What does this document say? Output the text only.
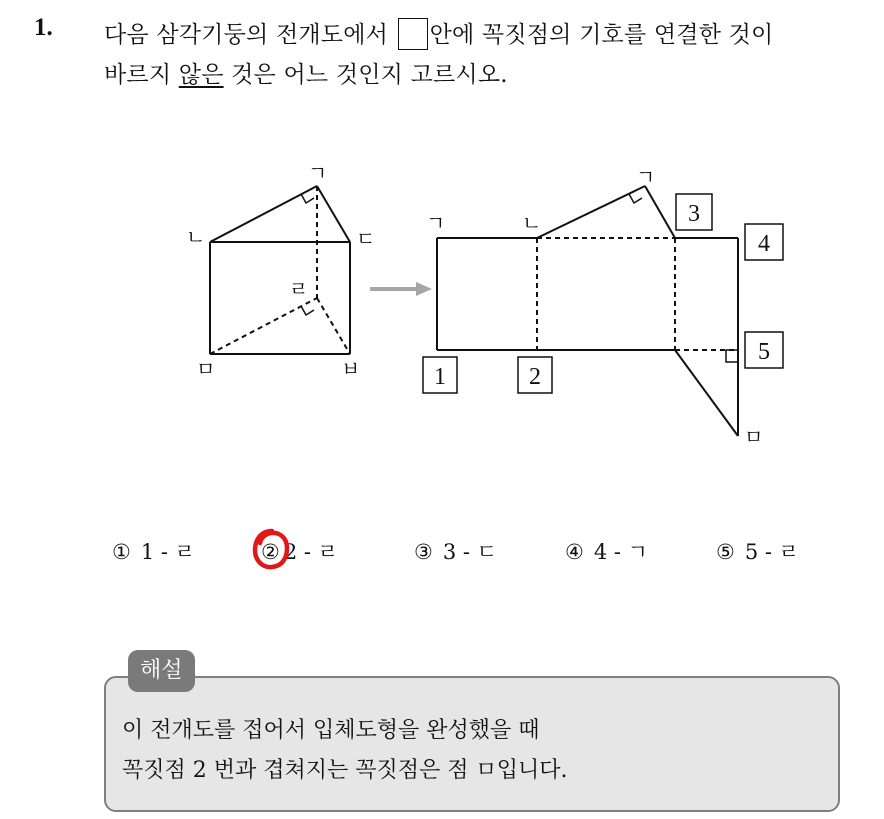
1. 다음 삼각기둥의 전개도에서 안에 꼭짓점의 기호를 연결한 것이
바르지 않은 것은 어느 것인지 고르시오.
ㄱ
ㄴ	ㄷ
ㄹ
ㅁ	ㅂ
ㄱ	ㄴ
ㄱ
ㅁ
1	2
3
4
5
① 1 - ㄹ	② 2 - ㄹ	③ 3 - ㄷ	④ 4 - ㄱ	⑤ 5 - ㄹ
해설
이 전개도를 접어서 입체도형을 완성했을 때
꼭짓점 2 번과 겹쳐지는 꼭짓점은 점 ㅁ입니다.
